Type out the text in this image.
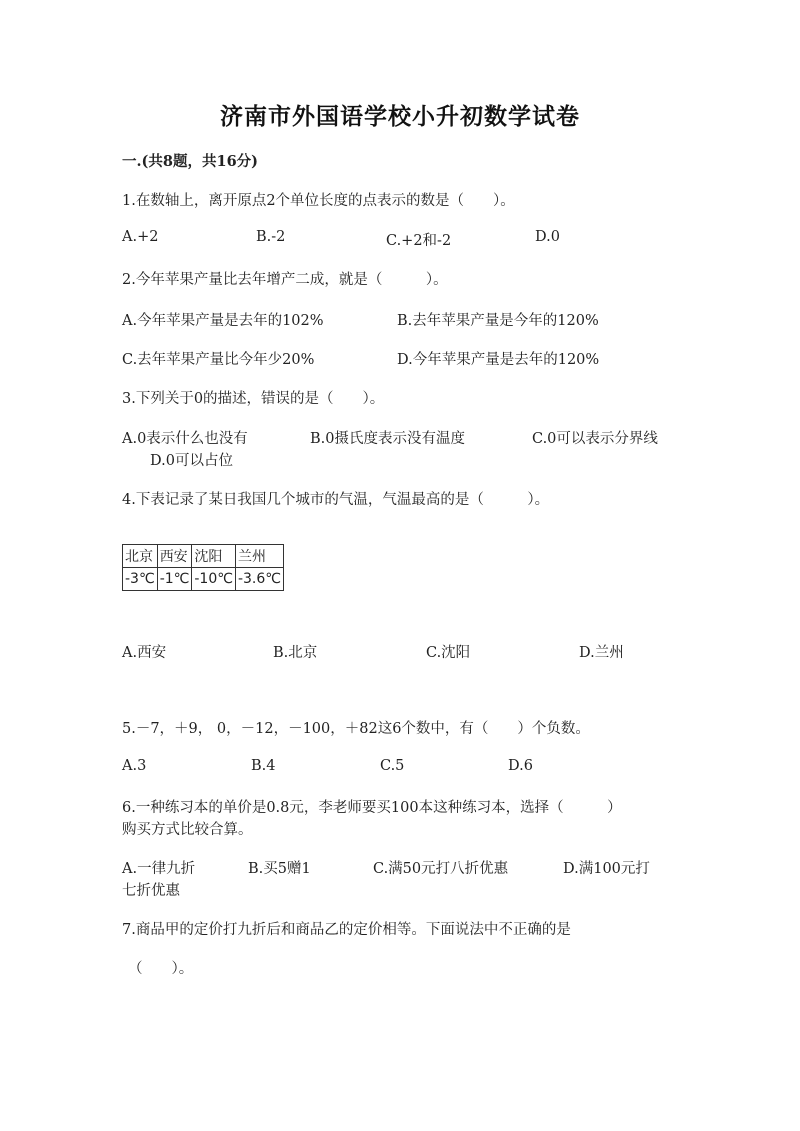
济南市外国语学校小升初数学试卷
一.(共8题，共16分)
1.在数轴上，离开原点2个单位长度的点表示的数是（　　）。
A.+2	B.-2	C.+2和-2	D.0
2.今年苹果产量比去年增产二成，就是（　　　）。
A.今年苹果产量是去年的102%	B.去年苹果产量是今年的120%
C.去年苹果产量比今年少20%	D.今年苹果产量是去年的120%
3.下列关于0的描述，错误的是（　　）。
A.0表示什么也没有	B.0摄氏度表示没有温度	C.0可以表示分界线
D.0可以占位
4.下表记录了某日我国几个城市的气温，气温最高的是（　　　）。
北京	西安	沈阳	兰州
-3℃	-1℃	-10℃	-3.6℃
A.西安	B.北京	C.沈阳	D.兰州
5.－7，＋9， 0，－12，－100，＋82这6个数中，有（　　）个负数。
A.3	B.4	C.5	D.6
6.一种练习本的单价是0.8元，李老师要买100本这种练习本，选择（　　　）
购买方式比较合算。
A.一律九折	B.买5赠1	C.满50元打八折优惠	D.满100元打
七折优惠
7.商品甲的定价打九折后和商品乙的定价相等。下面说法中不正确的是
（　　）。
